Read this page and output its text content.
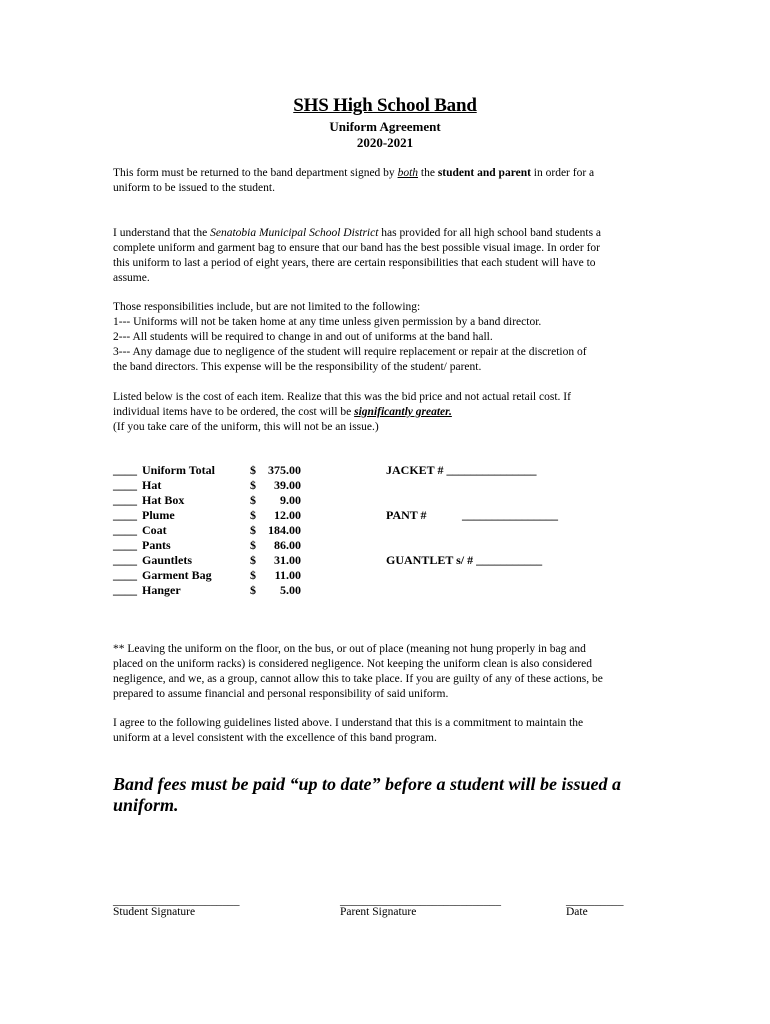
SHS High School Band
Uniform Agreement
2020-2021
This form must be returned to the band department signed by both the student and parent in order for a
uniform to be issued to the student.
I understand that the Senatobia Municipal School District has provided for all high school band students a
complete uniform and garment bag to ensure that our band has the best possible visual image. In order for
this uniform to last a period of eight years, there are certain responsibilities that each student will have to
assume.
Those responsibilities include, but are not limited to the following:
1--- Uniforms will not be taken home at any time unless given permission by a band director.
2--- All students will be required to change in and out of uniforms at the band hall.
3--- Any damage due to negligence of the student will require replacement or repair at the discretion of
the band directors. This expense will be the responsibility of the student/ parent.
Listed below is the cost of each item. Realize that this was the bid price and not actual retail cost. If
individual items have to be ordered, the cost will be significantly greater.
(If you take care of the uniform, this will not be an issue.)
____ Uniform Total	$	375.00
____ Hat	$	39.00
____ Hat Box	$	9.00
____ Plume	$	12.00
____ Coat	$	184.00
____ Pants	$	86.00
____ Gauntlets	$	31.00
____ Garment Bag	$	11.00
____ Hanger	$	5.00
JACKET # _______________
PANT #	________________
GUANTLET s/ # ___________
** Leaving the uniform on the floor, on the bus, or out of place (meaning not hung properly in bag and
placed on the uniform racks) is considered negligence. Not keeping the uniform clean is also considered
negligence, and we, as a group, cannot allow this to take place. If you are guilty of any of these actions, be
prepared to assume financial and personal responsibility of said uniform.
I agree to the following guidelines listed above. I understand that this is a commitment to maintain the
uniform at a level consistent with the excellence of this band program.
Band fees must be paid “up to date” before a student will be issued a
uniform.
______________________
Student Signature
____________________________
Parent Signature
__________
Date
